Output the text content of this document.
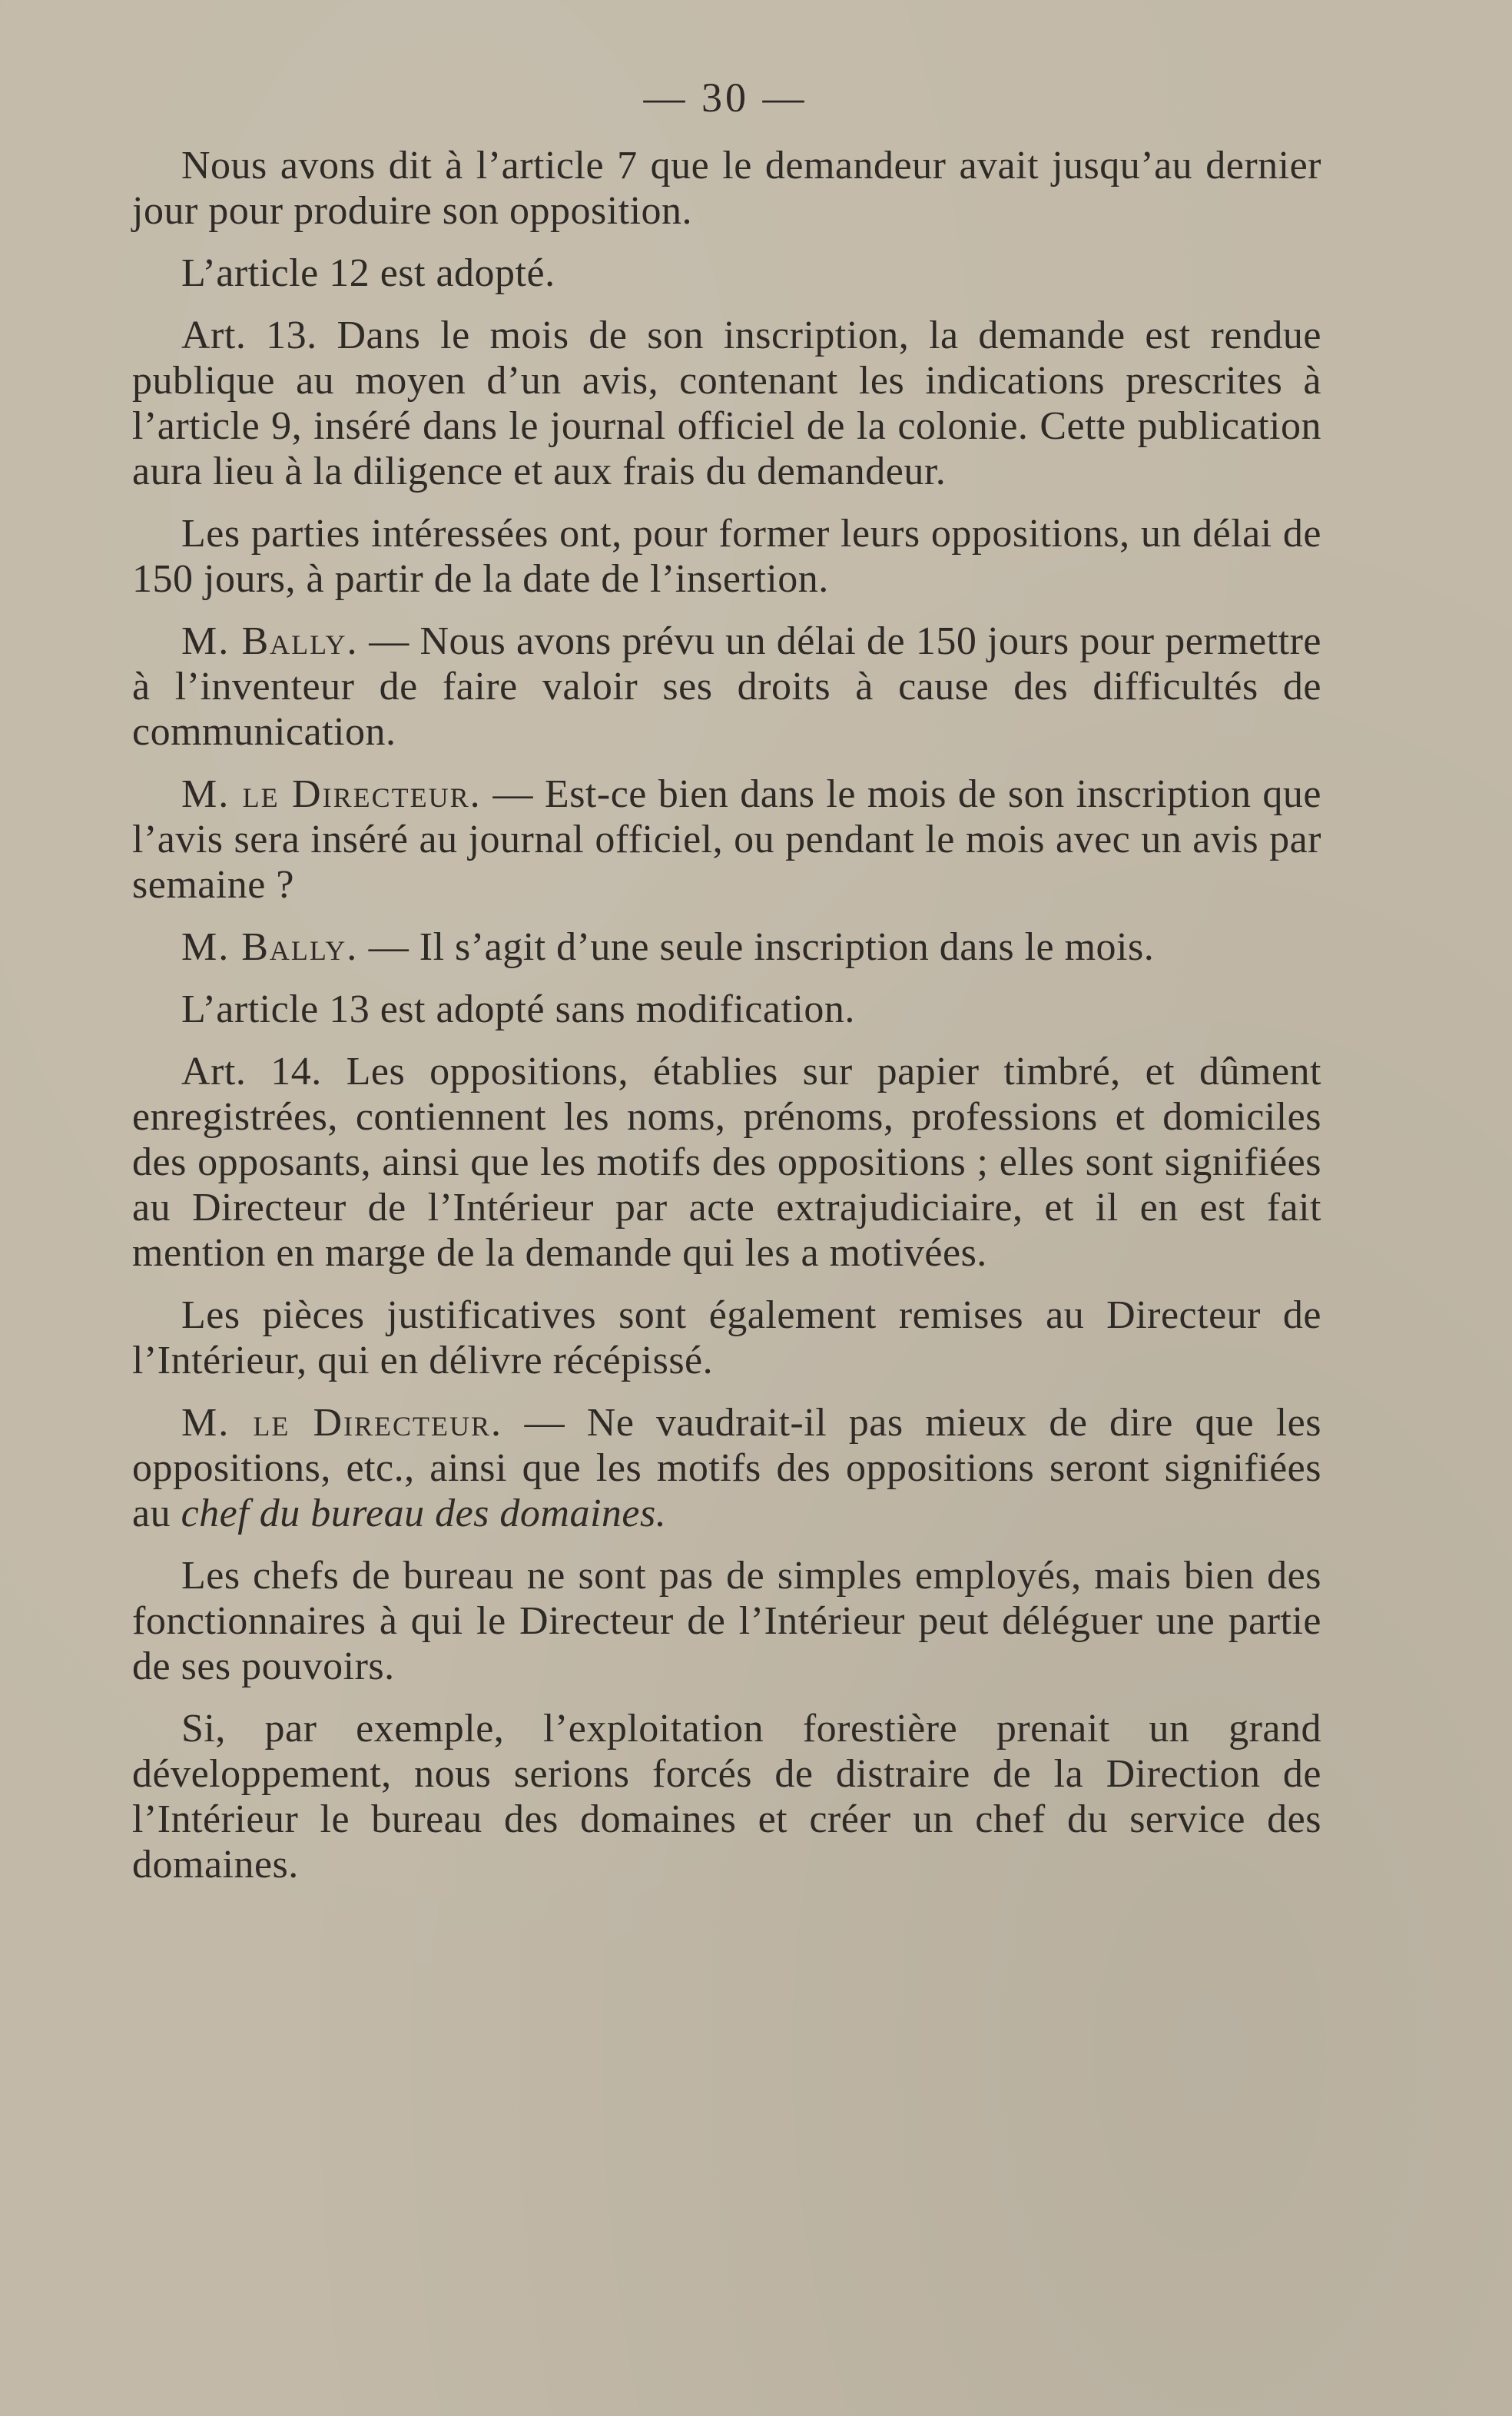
— 30 —

Nous avons dit à l’article 7 que le demandeur avait jusqu’au dernier jour pour produire son opposition.

L’article 12 est adopté.

Art. 13. Dans le mois de son inscription, la demande est rendue publique au moyen d’un avis, contenant les indications prescrites à l’article 9, inséré dans le journal officiel de la colonie. Cette publication aura lieu à la diligence et aux frais du demandeur.

Les parties intéressées ont, pour former leurs oppositions, un délai de 150 jours, à partir de la date de l’insertion.

M. Bally. — Nous avons prévu un délai de 150 jours pour permettre à l’inventeur de faire valoir ses droits à cause des difficultés de communication.

M. le Directeur. — Est-ce bien dans le mois de son inscription que l’avis sera inséré au journal officiel, ou pendant le mois avec un avis par semaine ?

M. Bally. — Il s’agit d’une seule inscription dans le mois.

L’article 13 est adopté sans modification.

Art. 14. Les oppositions, établies sur papier timbré, et dûment enregistrées, contiennent les noms, prénoms, professions et domiciles des opposants, ainsi que les motifs des oppositions ; elles sont signifiées au Directeur de l’Intérieur par acte extrajudiciaire, et il en est fait mention en marge de la demande qui les a motivées.

Les pièces justificatives sont également remises au Directeur de l’Intérieur, qui en délivre récépissé.

M. le Directeur. — Ne vaudrait-il pas mieux de dire que les oppositions, etc., ainsi que les motifs des oppositions seront signifiées au chef du bureau des domaines.

Les chefs de bureau ne sont pas de simples employés, mais bien des fonctionnaires à qui le Directeur de l’Intérieur peut déléguer une partie de ses pouvoirs.

Si, par exemple, l’exploitation forestière prenait un grand développement, nous serions forcés de distraire de la Direction de l’Intérieur le bureau des domaines et créer un chef du service des domaines.
